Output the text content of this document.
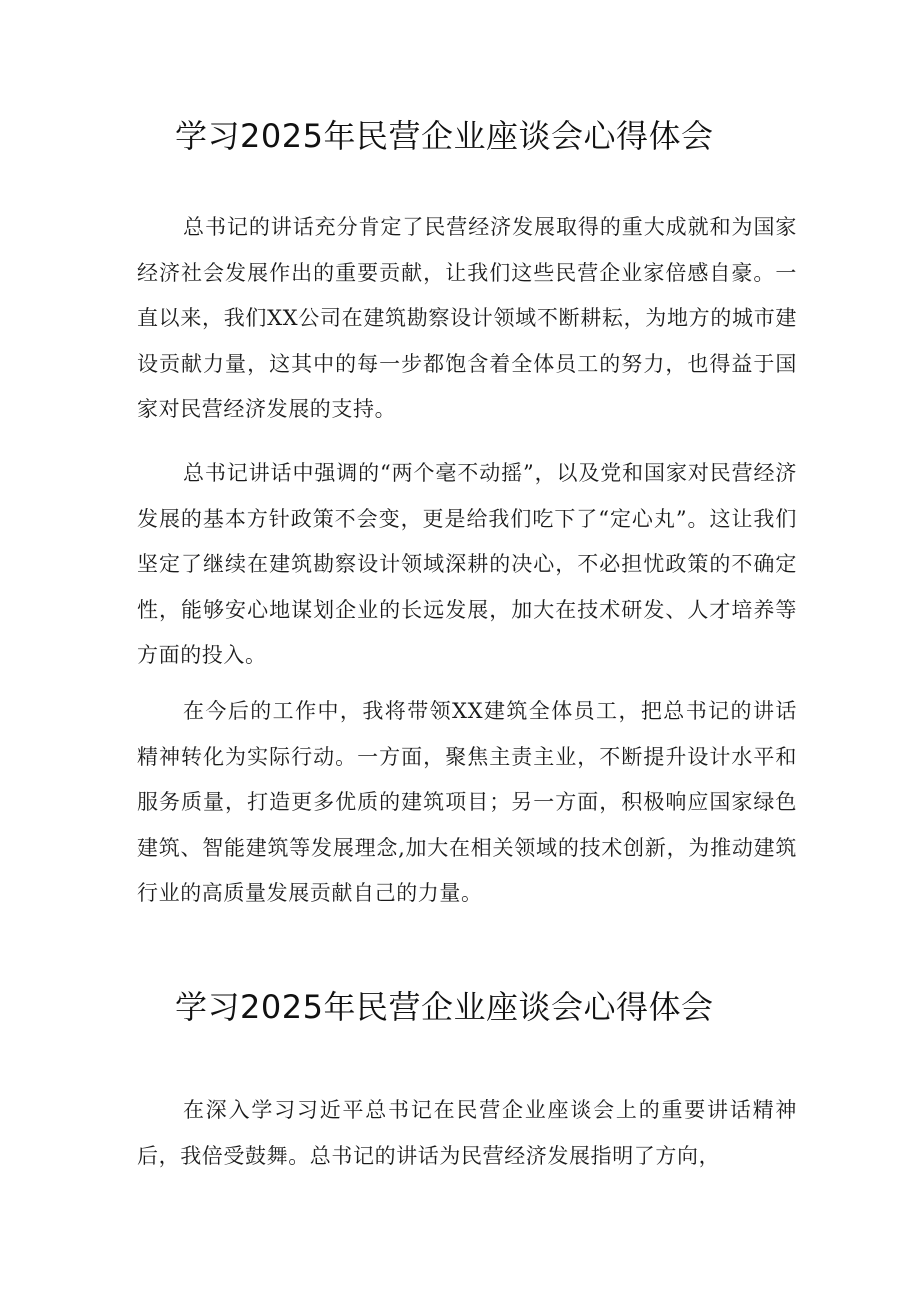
学习2025年民营企业座谈会心得体会

总书记的讲话充分肯定了民营经济发展取得的重大成就和为国家经济社会发展作出的重要贡献，让我们这些民营企业家倍感自豪。一直以来，我们XX公司在建筑勘察设计领域不断耕耘，为地方的城市建设贡献力量，这其中的每一步都饱含着全体员工的努力，也得益于国家对民营经济发展的支持。

总书记讲话中强调的“两个毫不动摇”，以及党和国家对民营经济发展的基本方针政策不会变，更是给我们吃下了“定心丸”。这让我们坚定了继续在建筑勘察设计领域深耕的决心，不必担忧政策的不确定性，能够安心地谋划企业的长远发展，加大在技术研发、人才培养等方面的投入。

在今后的工作中，我将带领XX建筑全体员工，把总书记的讲话精神转化为实际行动。一方面，聚焦主责主业，不断提升设计水平和服务质量，打造更多优质的建筑项目；另一方面，积极响应国家绿色建筑、智能建筑等发展理念,加大在相关领域的技术创新，为推动建筑行业的高质量发展贡献自己的力量。

学习2025年民营企业座谈会心得体会

在深入学习习近平总书记在民营企业座谈会上的重要讲话精神后，我倍受鼓舞。总书记的讲话为民营经济发展指明了方向，
